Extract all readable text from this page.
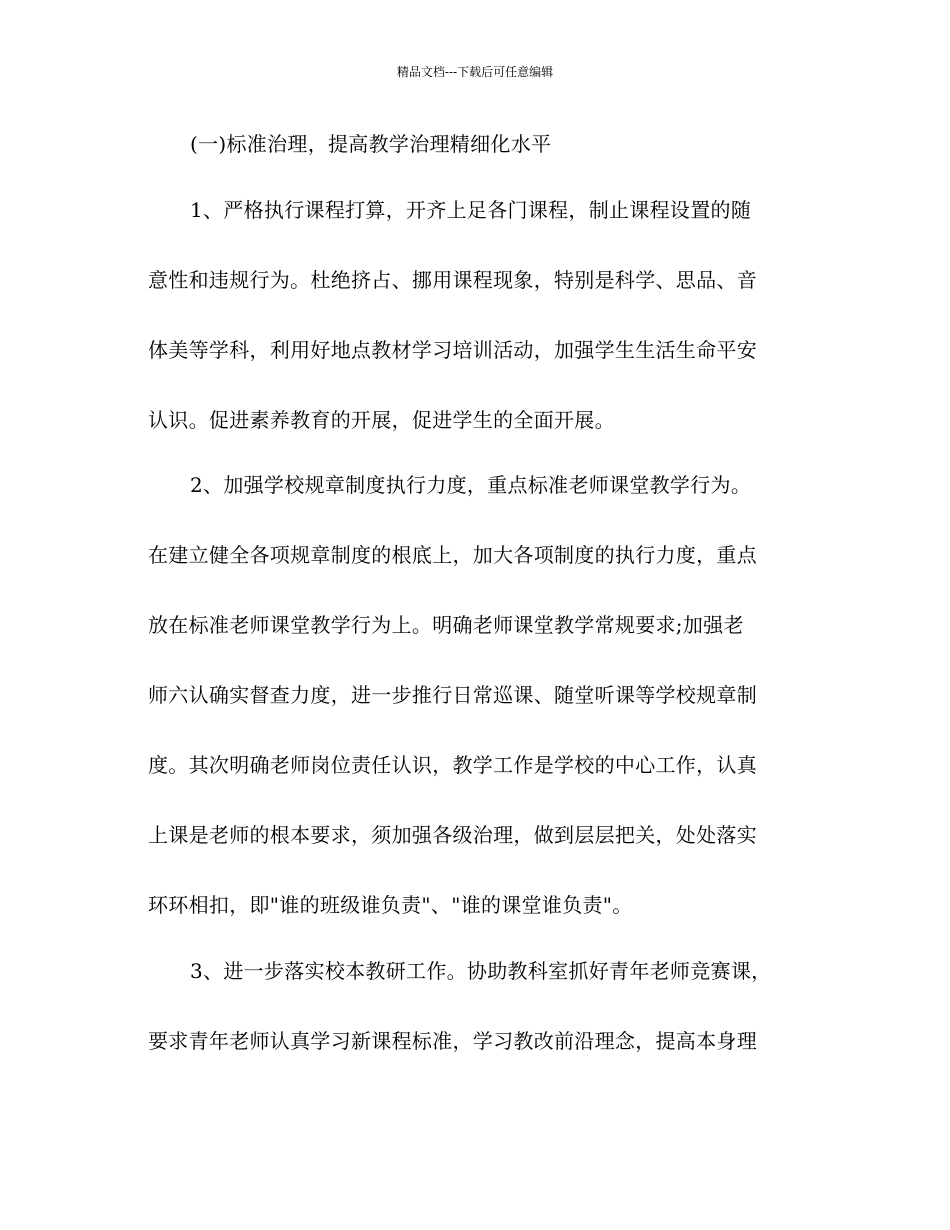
精品文档---下载后可任意编辑
(一)标准治理，提高教学治理精细化水平
1、严格执行课程打算，开齐上足各门课程，制止课程设置的随
意性和违规行为。杜绝挤占、挪用课程现象，特别是科学、思品、音
体美等学科，利用好地点教材学习培训活动，加强学生生活生命平安
认识。促进素养教育的开展，促进学生的全面开展。
2、加强学校规章制度执行力度，重点标准老师课堂教学行为。
在建立健全各项规章制度的根底上，加大各项制度的执行力度，重点
放在标准老师课堂教学行为上。明确老师课堂教学常规要求;加强老
师六认确实督查力度，进一步推行日常巡课、随堂听课等学校规章制
度。其次明确老师岗位责任认识，教学工作是学校的中心工作，认真
上课是老师的根本要求，须加强各级治理，做到层层把关，处处落实
环环相扣，即"谁的班级谁负责"、"谁的课堂谁负责"。
3、进一步落实校本教研工作。协助教科室抓好青年老师竞赛课，
要求青年老师认真学习新课程标准，学习教改前沿理念，提高本身理
